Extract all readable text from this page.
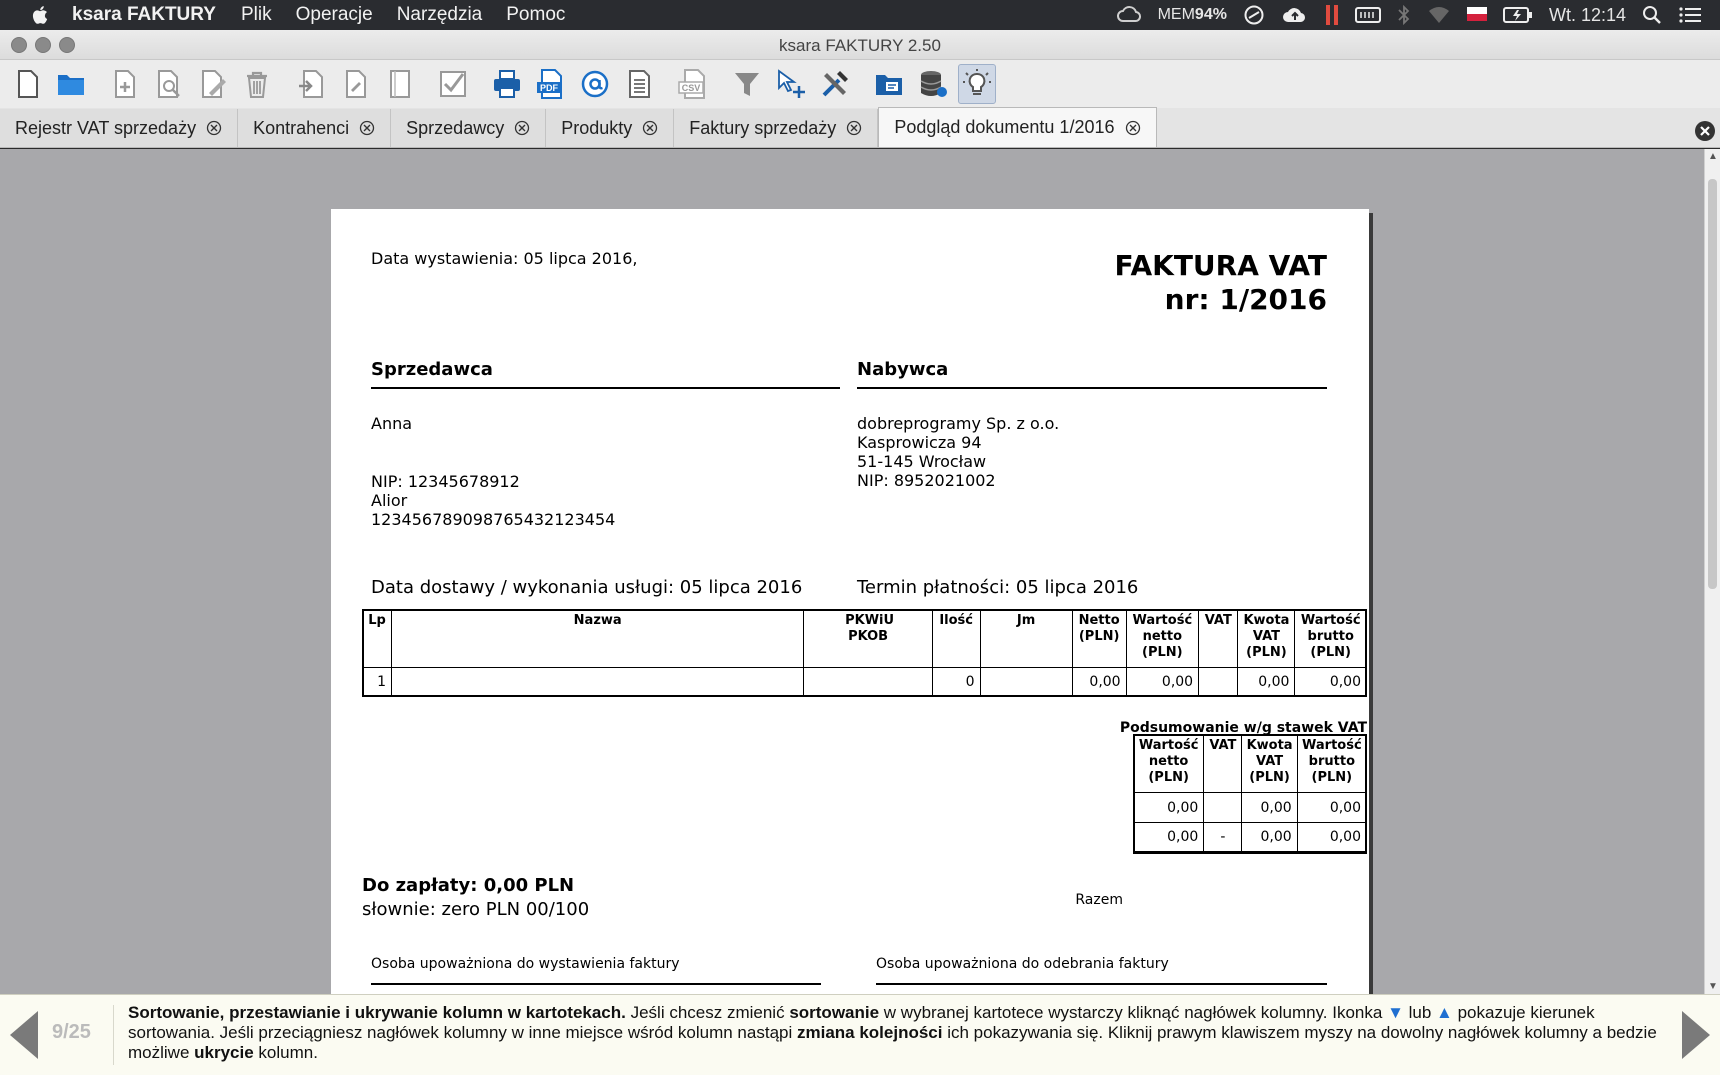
ksara FAKTURY Plik Operacje Narzędzia Pomoc	MEM 94%	Wt. 12:14
ksara FAKTURY 2.50
PDF	CSV
Rejestr VAT sprzedaży	Kontrahenci	Sprzedawcy	Produkty	Faktury sprzedaży	Podgląd dokumentu 1/2016
Data wystawienia: 05 lipca 2016,	FAKTURA VAT
nr: 1/2016
Sprzedawca	Nabywca
Anna
NIP: 12345678912
Alior
12345678909876543212345​4
dobreprogramy Sp. z o.o.
Kasprowicza 94
51-145 Wrocław
NIP: 8952021002
Data dostawy / wykonania usługi: 05 lipca 2016	Termin płatności: 05 lipca 2016
Lp	Nazwa	PKWiU PKOB	Ilość	Jm	Netto (PLN)	Wartość netto (PLN)	VAT	Kwota VAT (PLN)	Wartość brutto (PLN)
1			0		0,00	0,00		0,00	0,00
Podsumowanie w/g stawek VAT
Wartość netto (PLN)	VAT	Kwota VAT (PLN)	Wartość brutto (PLN)
0,00		0,00	0,00
0,00	-	0,00	0,00
Razem
Do zapłaty: 0,00 PLN
słownie: zero PLN 00/100
Osoba upoważniona do wystawienia faktury	Osoba upoważniona do odebrania faktury
▲
▼
9/25
Sortowanie, przestawianie i ukrywanie kolumn w kartotekach. Jeśli chcesz zmienić sortowanie w wybranej kartotece wystarczy kliknąć nagłówek kolumny. Ikonka ▼ lub ▲ pokazuje kierunek sortowania. Jeśli przeciągniesz nagłówek kolumny w inne miejsce wśród kolumn nastąpi zmiana kolejności ich pokazywania się. Kliknij prawym klawiszem myszy na dowolny nagłówek kolumny a bedzie możliwe ukrycie kolumn.
